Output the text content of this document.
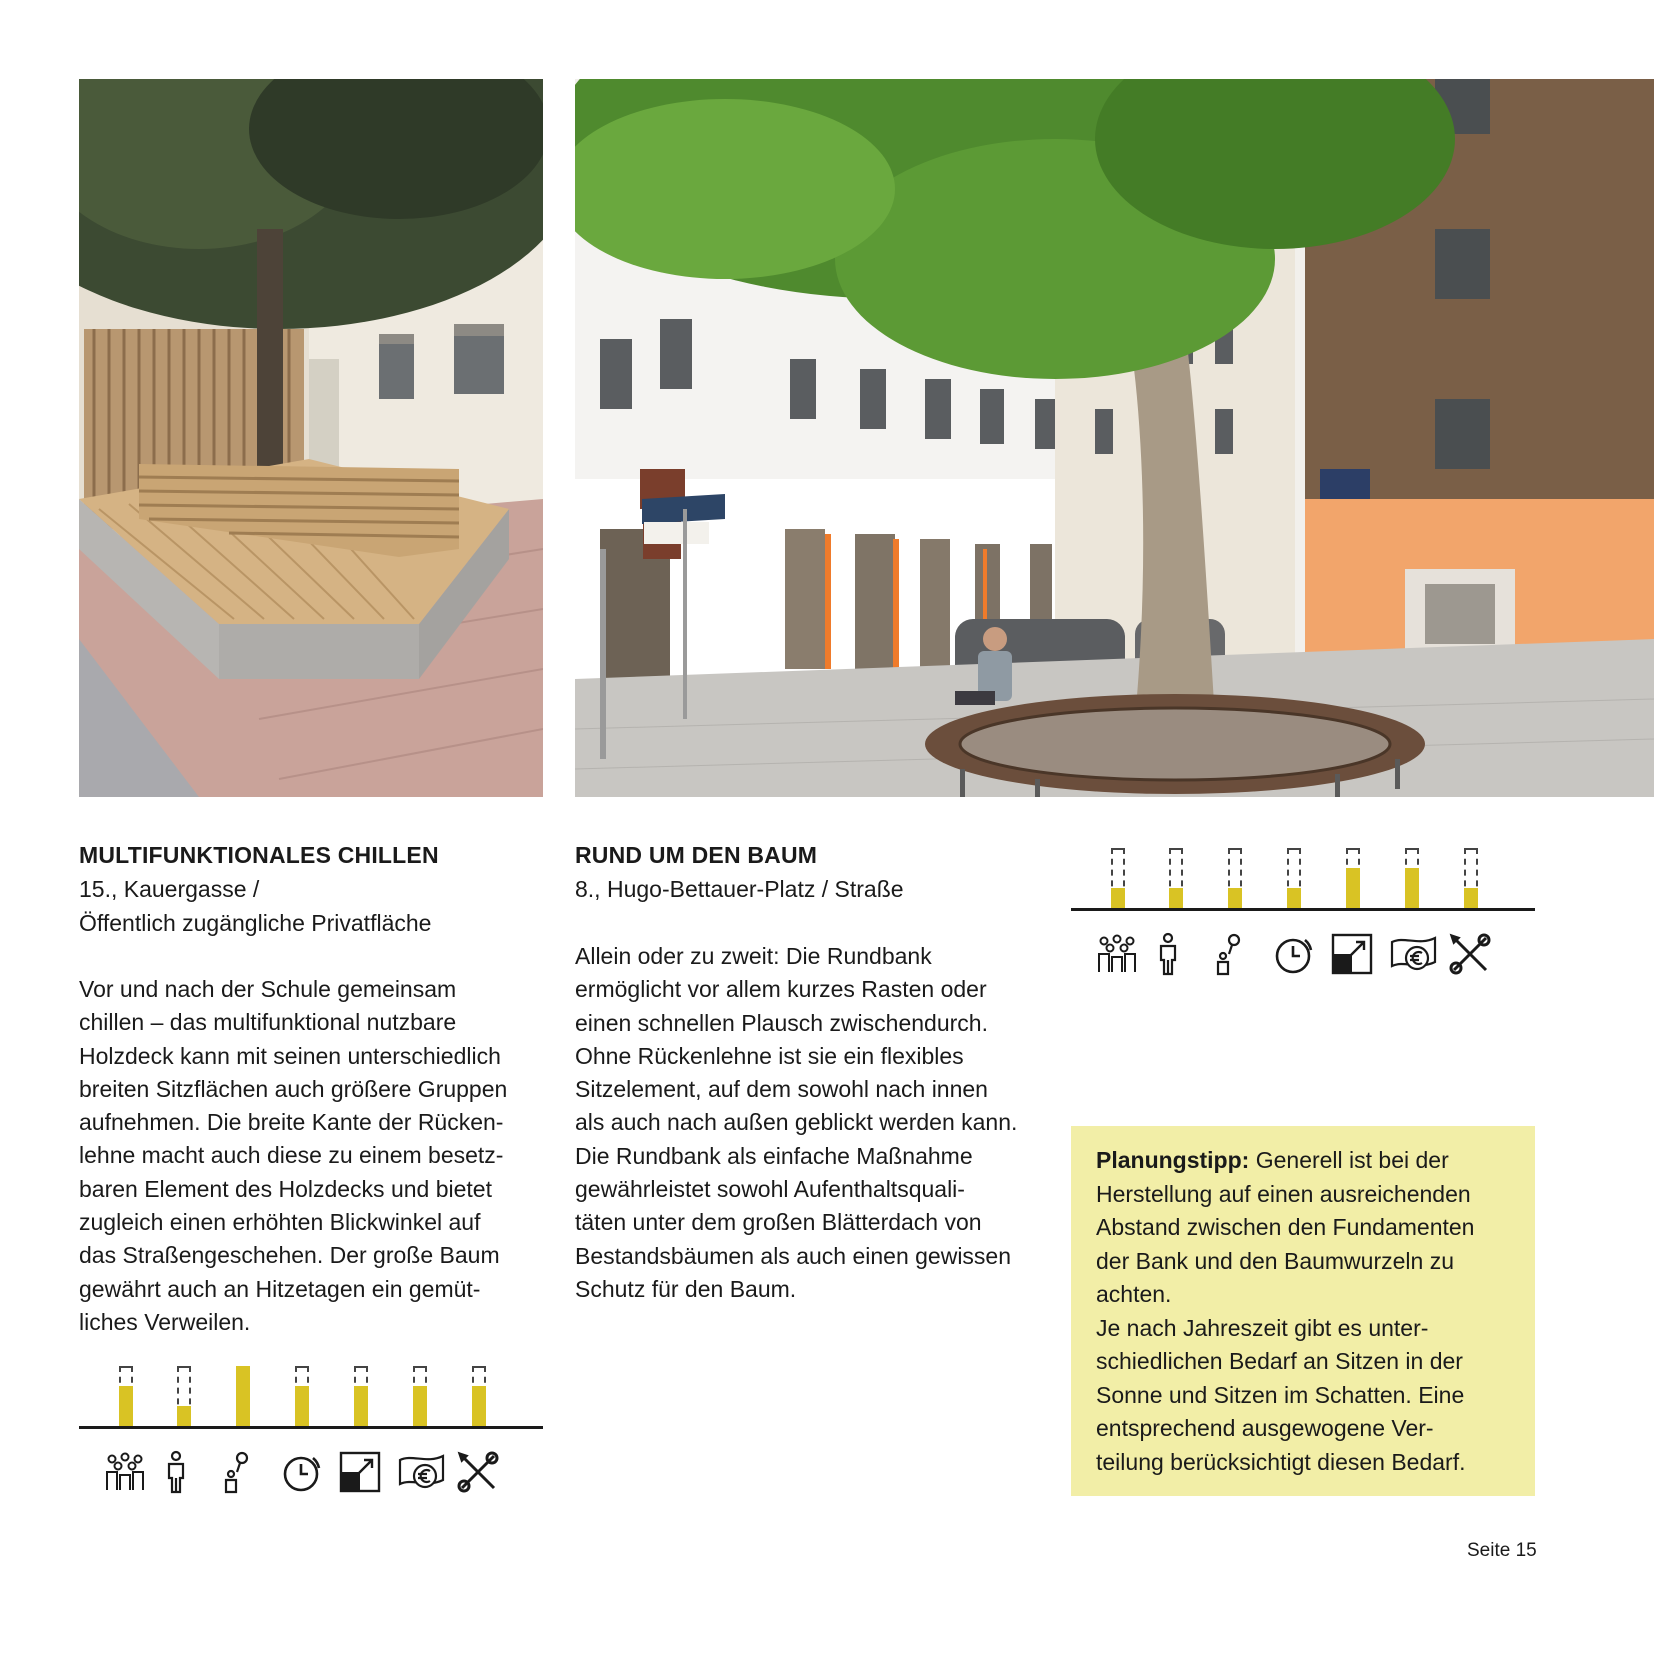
MULTIFUNKTIONALES CHILLEN
15., Kauergasse /
Öffentlich zugängliche Privatfläche

Vor und nach der Schule gemeinsam

chillen – das multifunktional nutzbare

Holzdeck kann mit seinen unterschiedlich

breiten Sitzflächen auch größere Gruppen

aufnehmen. Die breite Kante der Rücken-

lehne macht auch diese zu einem besetz-

baren Element des Holzdecks und bietet

zugleich einen erhöhten Blickwinkel auf

das Straßengeschehen. Der große Baum

gewährt auch an Hitzetagen ein gemüt-

liches Verweilen.

RUND UM DEN BAUM
8., Hugo-Bettauer-Platz / Straße

Allein oder zu zweit: Die Rundbank

ermöglicht vor allem kurzes Rasten oder

einen schnellen Plausch zwischendurch.

Ohne Rückenlehne ist sie ein flexibles

Sitzelement, auf dem sowohl nach innen

als auch nach außen geblickt werden kann.

Die Rundbank als einfache Maßnahme

gewährleistet sowohl Aufenthaltsquali-

täten unter dem großen Blätterdach von

Bestandsbäumen als auch einen gewissen

Schutz für den Baum.

Planungstipp: Generell ist bei der

Herstellung auf einen ausreichenden

Abstand zwischen den Fundamenten

der Bank und den Baumwurzeln zu

achten.

Je nach Jahreszeit gibt es unter-

schiedlichen Bedarf an Sitzen in der

Sonne und Sitzen im Schatten. Eine

entsprechend ausgewogene Ver-

teilung berücksichtigt diesen Bedarf.

Seite 15
